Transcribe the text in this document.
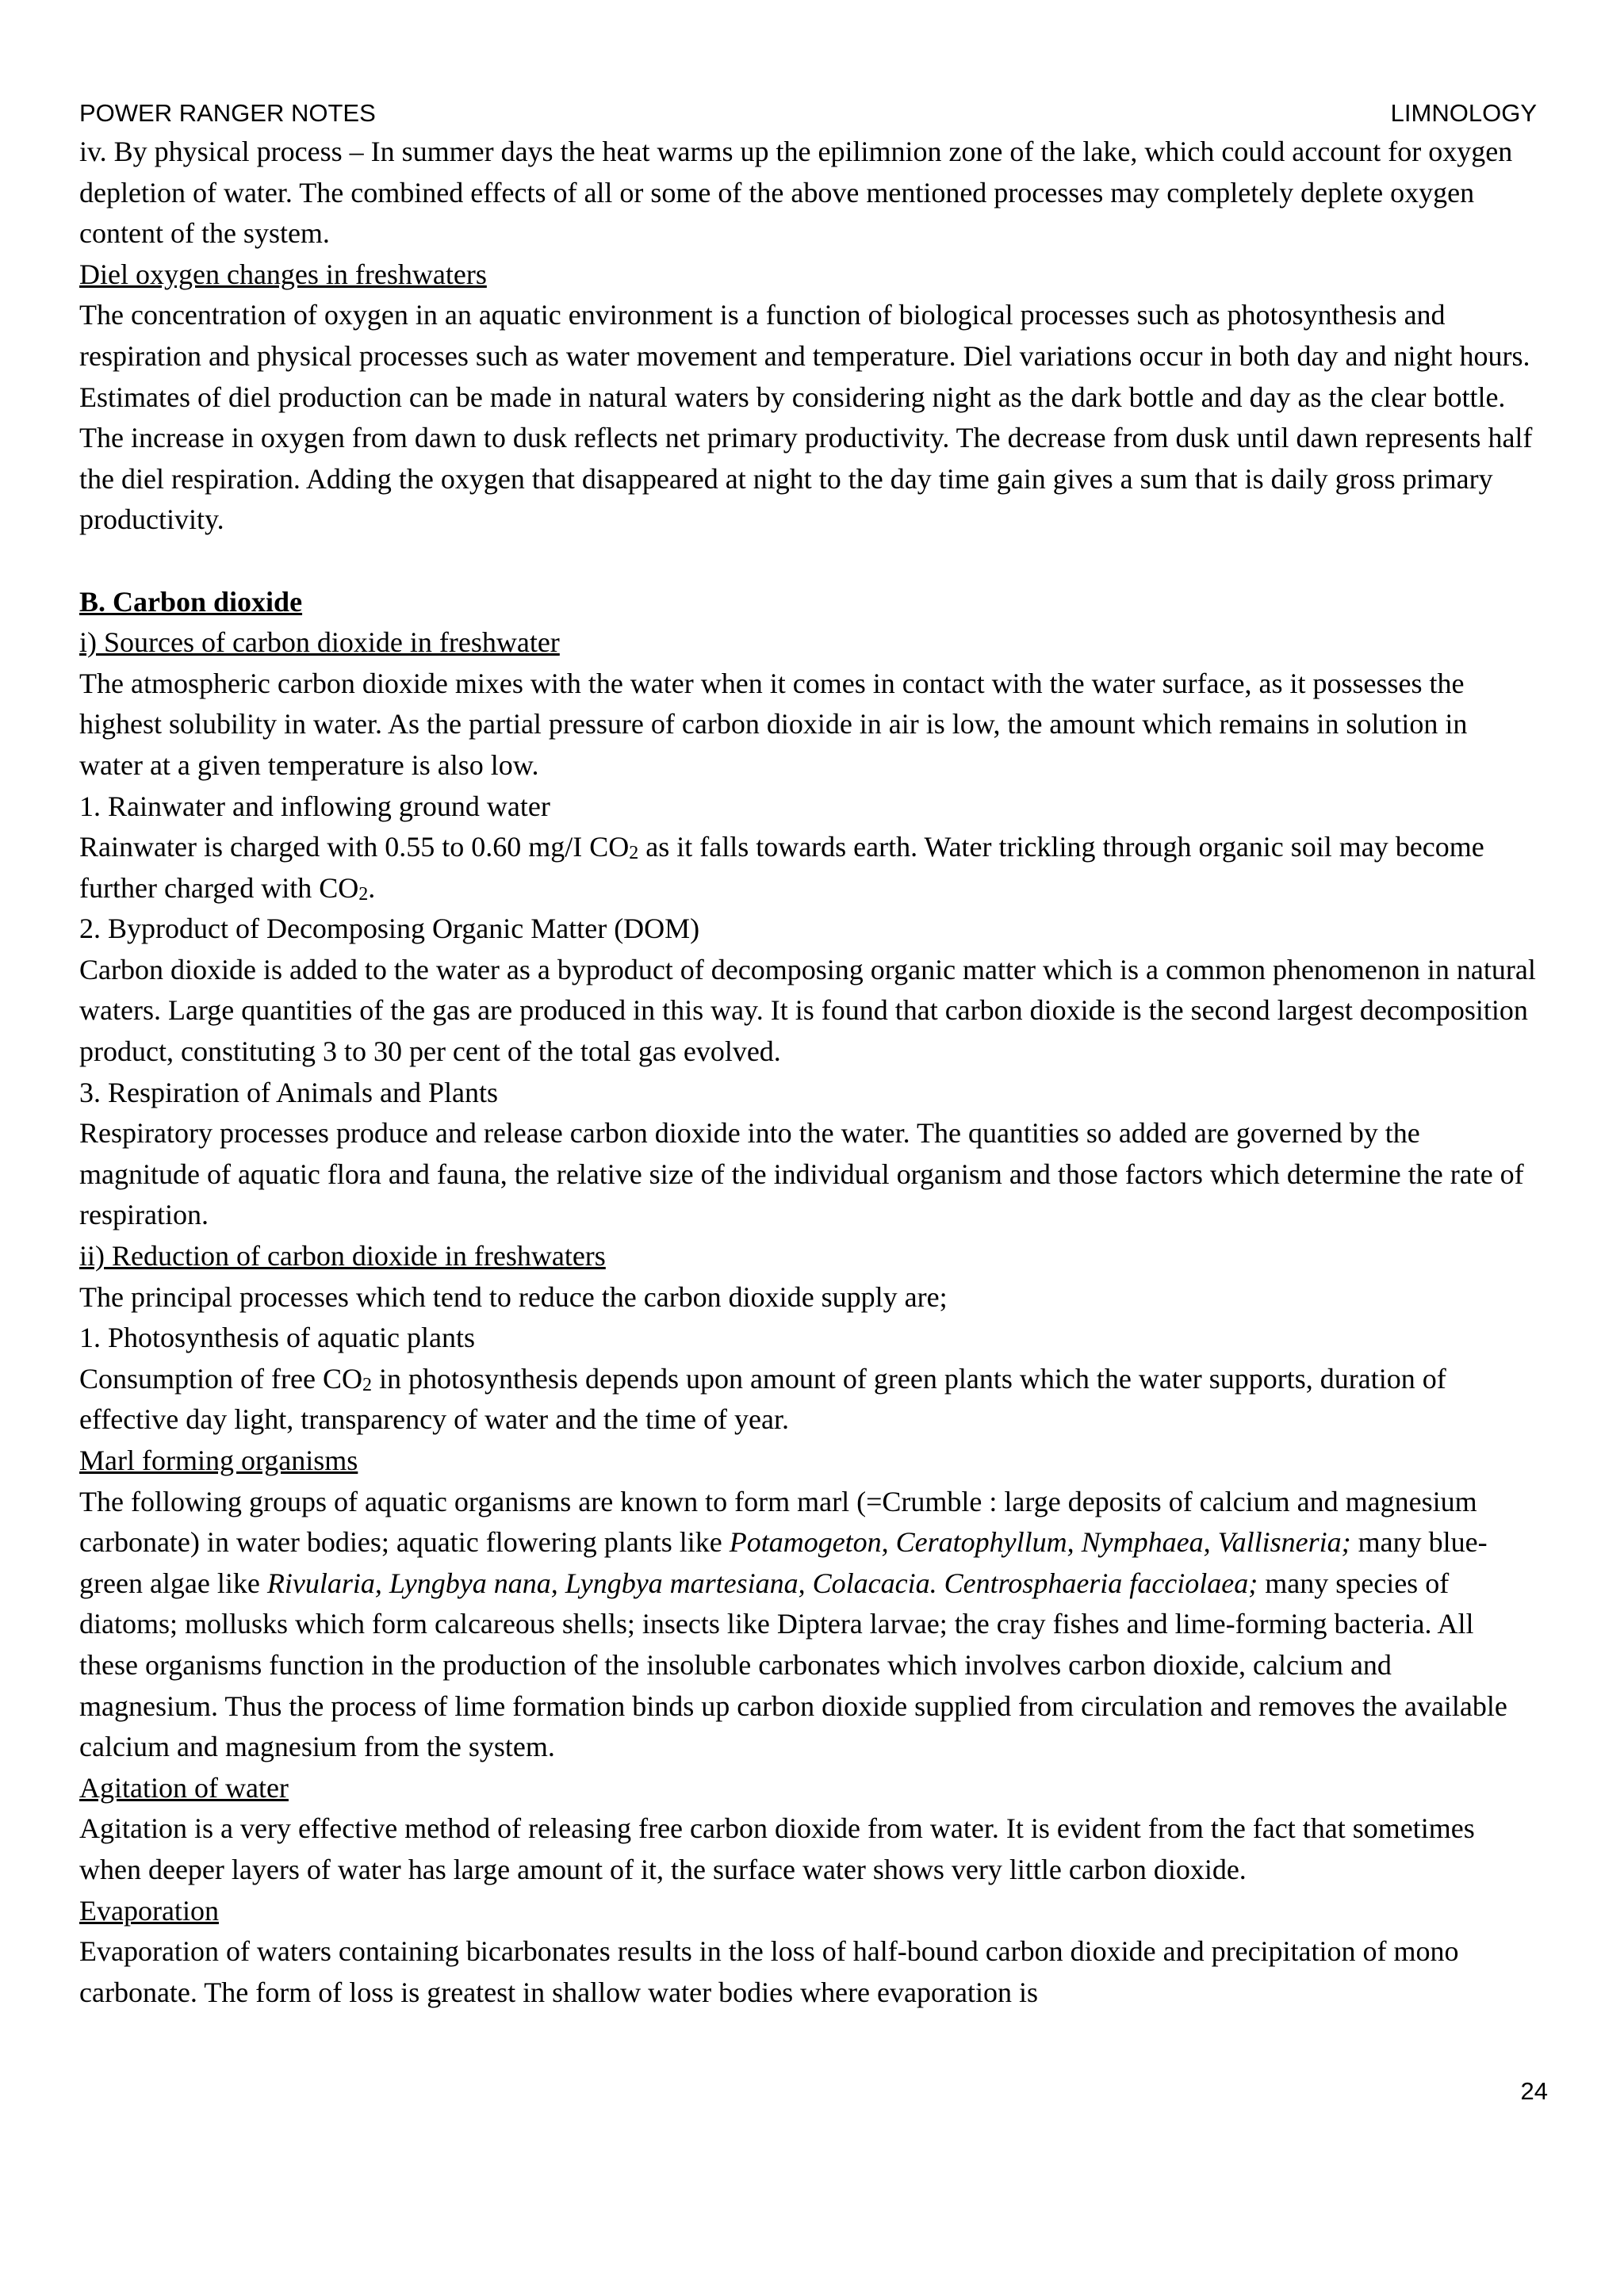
POWER RANGER NOTES	LIMNOLOGY

iv. By physical process – In summer days the heat warms up the epilimnion zone of the lake, which could account for oxygen depletion of water. The combined effects of all or some of the above mentioned processes may completely deplete oxygen content of the system.

Diel oxygen changes in freshwaters

The concentration of oxygen in an aquatic environment is a function of biological processes such as photosynthesis and respiration and physical processes such as water movement and temperature. Diel variations occur in both day and night hours. Estimates of diel production can be made in natural waters by considering night as the dark bottle and day as the clear bottle. The increase in oxygen from dawn to dusk reflects net primary productivity. The decrease from dusk until dawn represents half the diel respiration. Adding the oxygen that disappeared at night to the day time gain gives a sum that is daily gross primary productivity.

B. Carbon dioxide

i) Sources of carbon dioxide in freshwater

The atmospheric carbon dioxide mixes with the water when it comes in contact with the water surface, as it possesses the highest solubility in water. As the partial pressure of carbon dioxide in air is low, the amount which remains in solution in water at a given temperature is also low.

1. Rainwater and inflowing ground water

Rainwater is charged with 0.55 to 0.60 mg/I $CO_2$ as it falls towards earth. Water trickling through organic soil may become further charged with $CO_2$.

2. Byproduct of Decomposing Organic Matter (DOM)

Carbon dioxide is added to the water as a byproduct of decomposing organic matter which is a common phenomenon in natural waters. Large quantities of the gas are produced in this way. It is found that carbon dioxide is the second largest decomposition product, constituting 3 to 30 per cent of the total gas evolved.

3. Respiration of Animals and Plants

Respiratory processes produce and release carbon dioxide into the water. The quantities so added are governed by the magnitude of aquatic flora and fauna, the relative size of the individual organism and those factors which determine the rate of respiration.

ii) Reduction of carbon dioxide in freshwaters

The principal processes which tend to reduce the carbon dioxide supply are;

1. Photosynthesis of aquatic plants

Consumption of free $CO_2$ in photosynthesis depends upon amount of green plants which the water supports, duration of effective day light, transparency of water and the time of year.

Marl forming organisms

The following groups of aquatic organisms are known to form marl (=Crumble : large deposits of calcium and magnesium carbonate) in water bodies; aquatic flowering plants like Potamogeton, Ceratophyllum, Nymphaea, Vallisneria; many blue-green algae like Rivularia, Lyngbya nana, Lyngbya martesiana, Colacacia. Centrosphaeria facciolaea; many species of diatoms; mollusks which form calcareous shells; insects like Diptera larvae; the cray fishes and lime-forming bacteria. All these organisms function in the production of the insoluble carbonates which involves carbon dioxide, calcium and magnesium. Thus the process of lime formation binds up carbon dioxide supplied from circulation and removes the available calcium and magnesium from the system.

Agitation of water

Agitation is a very effective method of releasing free carbon dioxide from water. It is evident from the fact that sometimes when deeper layers of water has large amount of it, the surface water shows very little carbon dioxide.

Evaporation

Evaporation of waters containing bicarbonates results in the loss of half-bound carbon dioxide and precipitation of mono carbonate. The form of loss is greatest in shallow water bodies where evaporation is

24
